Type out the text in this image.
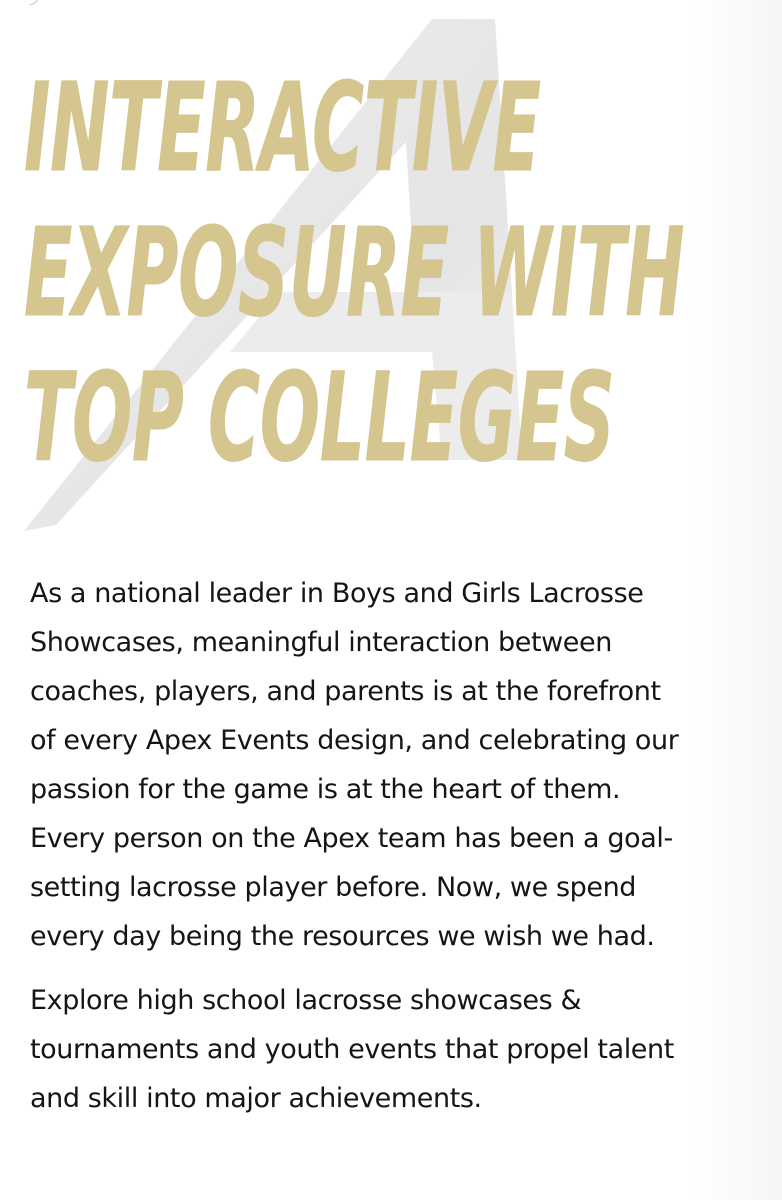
INTERACTIVE
EXPOSURE WITH
TOP COLLEGES

As a national leader in Boys and Girls Lacrosse
Showcases, meaningful interaction between
coaches, players, and parents is at the forefront
of every Apex Events design, and celebrating our
passion for the game is at the heart of them.
Every person on the Apex team has been a goal-
setting lacrosse player before. Now, we spend
every day being the resources we wish we had.

Explore high school lacrosse showcases &
tournaments and youth events that propel talent
and skill into major achievements.
